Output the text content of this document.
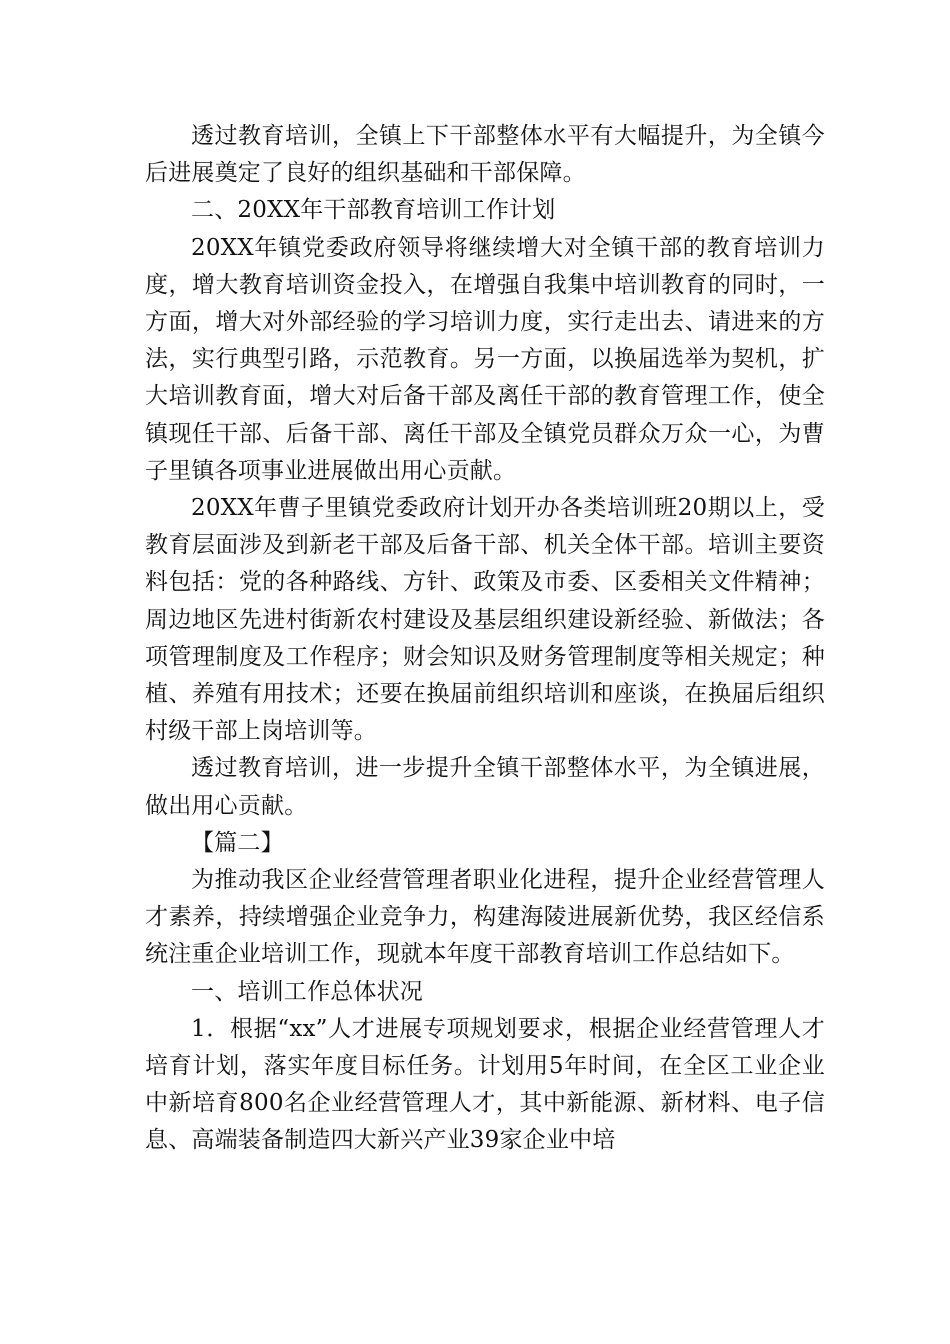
透过教育培训，全镇上下干部整体水平有大幅提升，为全镇今后进展奠定了良好的组织基础和干部保障。

二、20XX年干部教育培训工作计划

20XX年镇党委政府领导将继续增大对全镇干部的教育培训力度，增大教育培训资金投入，在增强自我集中培训教育的同时，一方面，增大对外部经验的学习培训力度，实行走出去、请进来的方法，实行典型引路，示范教育。另一方面，以换届选举为契机，扩大培训教育面，增大对后备干部及离任干部的教育管理工作，使全镇现任干部、后备干部、离任干部及全镇党员群众万众一心，为曹子里镇各项事业进展做出用心贡献。

20XX年曹子里镇党委政府计划开办各类培训班20期以上，受教育层面涉及到新老干部及后备干部、机关全体干部。培训主要资料包括：党的各种路线、方针、政策及市委、区委相关文件精神；周边地区先进村街新农村建设及基层组织建设新经验、新做法；各项管理制度及工作程序；财会知识及财务管理制度等相关规定；种植、养殖有用技术；还要在换届前组织培训和座谈，在换届后组织村级干部上岗培训等。

透过教育培训，进一步提升全镇干部整体水平，为全镇进展，做出用心贡献。

【篇二】

为推动我区企业经营管理者职业化进程，提升企业经营管理人才素养，持续增强企业竞争力，构建海陵进展新优势，我区经信系统注重企业培训工作，现就本年度干部教育培训工作总结如下。

一、培训工作总体状况

1．根据“xx”人才进展专项规划要求，根据企业经营管理人才培育计划，落实年度目标任务。计划用5年时间，在全区工业企业中新培育800名企业经营管理人才，其中新能源、新材料、电子信息、高端装备制造四大新兴产业39家企业中培
